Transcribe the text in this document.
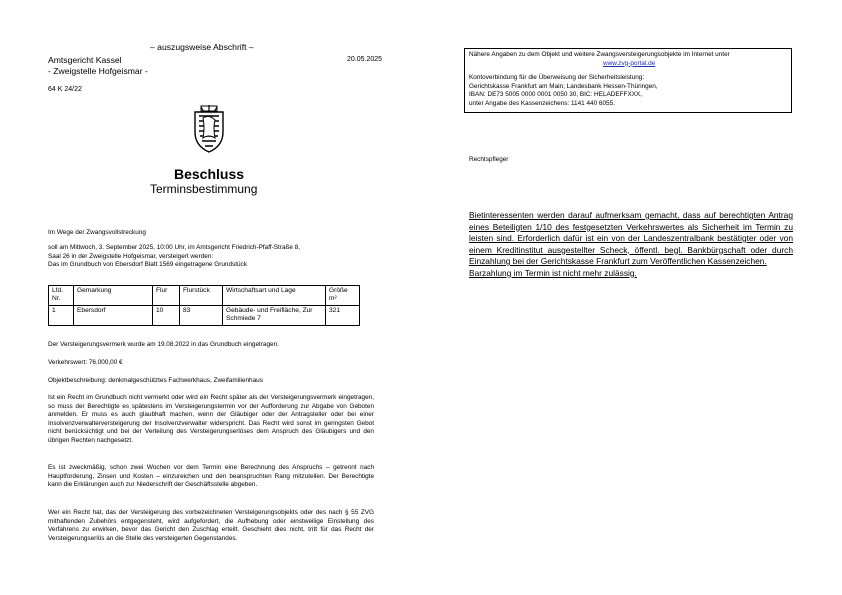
– auszugsweise Abschrift –
Amtsgericht Kassel
- Zweigstelle Hofgeismar -
20.05.2025
64 K 24/22
Beschluss
Terminsbestimmung
Nähere Angaben zu dem Objekt und weitere Zwangsversteigerungsobjekte im Internet unter
www.zvg-portal.de
Kontoverbindung für die Überweisung der Sicherheitsleistung:
Gerichtskasse Frankfurt am Main; Landesbank Hessen-Thüringen,
IBAN: DE73 5005 0000 0001 0050 30, BIC: HELADEFFXXX,
unter Angabe des Kassenzeichens: 1141 440 6055.
Rechtspfleger

Bietinteressenten werden darauf aufmerksam gemacht, dass auf berechtigten Antrag eines Beteiligten 1/10 des festgesetzten Verkehrswertes als Sicherheit im Termin zu leisten sind. Erforderlich dafür ist ein von der Landeszentralbank bestätigter oder von einem Kreditinstitut ausgestellter Scheck, öffentl. begl. Bankbürgschaft oder durch Einzahlung bei der Gerichtskasse Frankfurt zum Veröffentlichen Kassenzeichen.

Barzahlung im Termin ist nicht mehr zulässig.

Im Wege der Zwangsvollstreckung
soll am Mittwoch, 3. September 2025, 10:00 Uhr, im Amtsgericht Friedrich-Pfaff-Straße 8,
Saal 26 in der Zweigstelle Hofgeismar, versteigert werden:
Das im Grundbuch von Ebersdorf Blatt 1569 eingetragene Grundstück
Lfd. Nr.	Gemarkung	Flur	Flurstück	Wirtschaftsart und Lage	Größe m²
1	Ebersdorf	10	83	Gebäude- und Freifläche, Zur Schmiede 7	321
Der Versteigerungsvermerk wurde am 19.08.2022 in das Grundbuch eingetragen.
Verkehrswert: 76.000,00 €
Objektbeschreibung: denkmalgeschütztes Fachwerkhaus, Zweifamilienhaus
Ist ein Recht im Grundbuch nicht vermerkt oder wird ein Recht später als der Versteigerungsvermerk eingetragen, so muss der Berechtigte es spätestens im Versteigerungstermin vor der Aufforderung zur Abgabe von Geboten anmelden. Er muss es auch glaubhaft machen, wenn der Gläubiger oder der Antragsteller oder bei einer Insolvenzverwalterversteigerung der Insolvenzverwalter widerspricht. Das Recht wird sonst im geringsten Gebot nicht berücksichtigt und bei der Verteilung des Versteigerungserlöses dem Anspruch des Gläubigers und den übrigen Rechten nachgesetzt.
Es ist zweckmäßig, schon zwei Wochen vor dem Termin eine Berechnung des Anspruchs – getrennt nach Hauptforderung, Zinsen und Kosten – einzureichen und den beanspruchten Rang mitzuteilen. Der Berechtigte kann die Erklärungen auch zur Niederschrift der Geschäftsstelle abgeben.
Wer ein Recht hat, das der Versteigerung des vorbezeichneten Versteigerungsobjekts oder des nach § 55 ZVG mithaftenden Zubehörs entgegensteht, wird aufgefordert, die Aufhebung oder einstweilige Einstellung des Verfahrens zu erwirken, bevor das Gericht den Zuschlag erteilt. Geschieht dies nicht, tritt für das Recht der Versteigerungserlös an die Stelle des versteigerten Gegenstandes.
